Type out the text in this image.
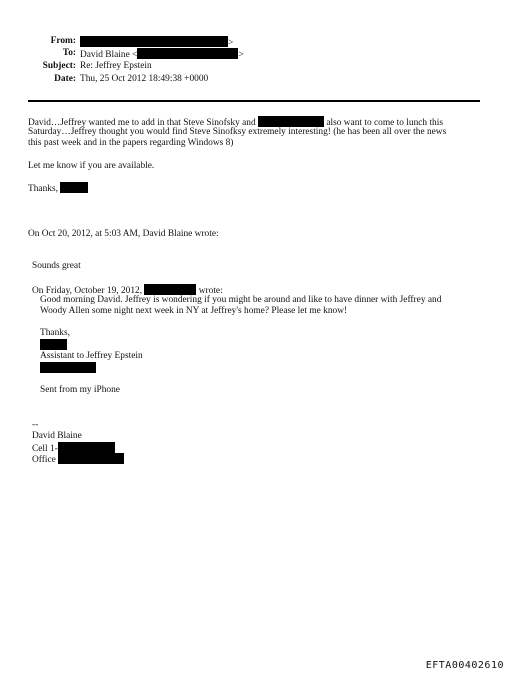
From:	>
To: David Blaine <	>
Subject: Re: Jeffrey Epstein
Date: Thu, 25 Oct 2012 18:49:38 +0000
David…Jeffrey wanted me to add in that Steve Sinofsky and	also want to come to lunch this
Saturday…Jeffrey thought you would find Steve Sinofksy extremely interesting! (he has been all over the news
this past week and in the papers regarding Windows 8)
Let me know if you are available.
Thanks,
On Oct 20, 2012, at 5:03 AM, David Blaine wrote:
Sounds great
On Friday, October 19, 2012,	wrote:
Good morning David. Jeffrey is wondering if you might be around and like to have dinner with Jeffrey and
Woody Allen some night next week in NY at Jeffrey's home? Please let me know!
Thanks,
Assistant to Jeffrey Epstein
Sent from my iPhone
--
David Blaine
Cell 1-
Office
EFTA00402610
